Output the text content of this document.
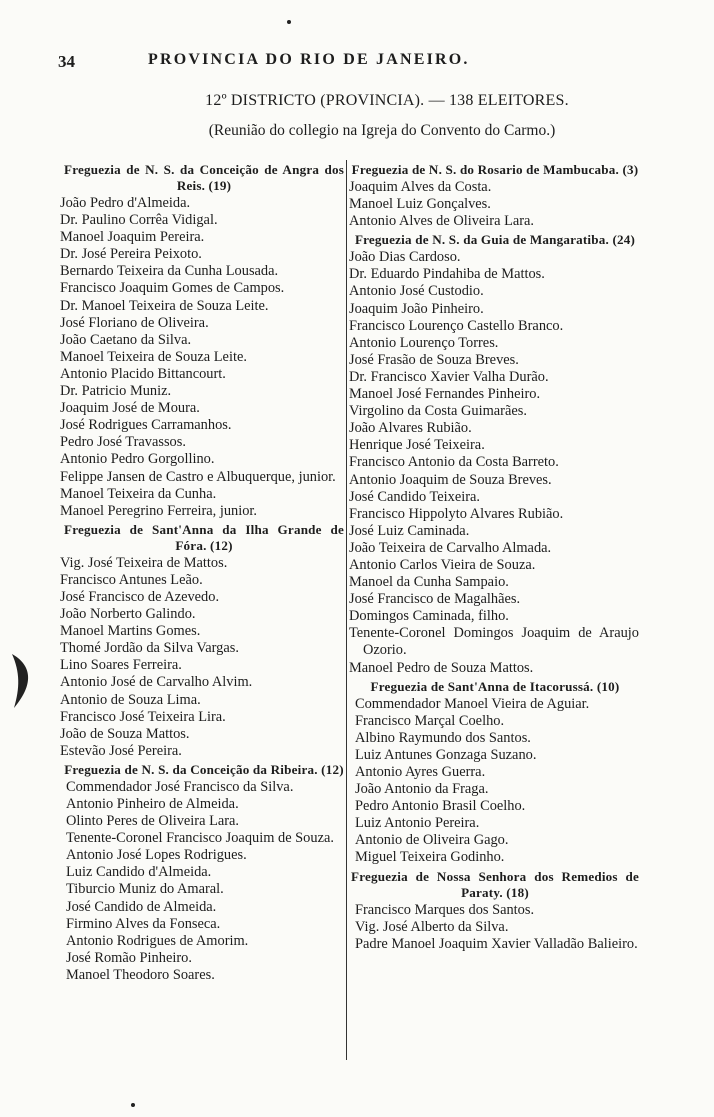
34	PROVINCIA DO RIO DE JANEIRO.
12º DISTRICTO (PROVINCIA). — 138 ELEITORES.
(Reunião do collegio na Igreja do Convento do Carmo.)
Freguezia de N. S. da Conceição de Angra dos Reis. (19)
João Pedro d'Almeida.
Dr. Paulino Corrêa Vidigal.
Manoel Joaquim Pereira.
Dr. José Pereira Peixoto.
Bernardo Teixeira da Cunha Lousada.
Francisco Joaquim Gomes de Campos.
Dr. Manoel Teixeira de Souza Leite.
José Floriano de Oliveira.
João Caetano da Silva.
Manoel Teixeira de Souza Leite.
Antonio Placido Bittancourt.
Dr. Patricio Muniz.
Joaquim José de Moura.
José Rodrigues Carramanhos.
Pedro José Travassos.
Antonio Pedro Gorgollino.
Felippe Jansen de Castro e Albuquerque, junior.
Manoel Teixeira da Cunha.
Manoel Peregrino Ferreira, junior.
Freguezia de Sant'Anna da Ilha Grande de Fóra. (12)
Vig. José Teixeira de Mattos.
Francisco Antunes Leão.
José Francisco de Azevedo.
João Norberto Galindo.
Manoel Martins Gomes.
Thomé Jordão da Silva Vargas.
Lino Soares Ferreira.
Antonio José de Carvalho Alvim.
Antonio de Souza Lima.
Francisco José Teixeira Lira.
João de Souza Mattos.
Estevão José Pereira.
Freguezia de N. S. da Conceição da Ribeira. (12)
Commendador José Francisco da Silva.
Antonio Pinheiro de Almeida.
Olinto Peres de Oliveira Lara.
Tenente-Coronel Francisco Joaquim de Souza.
Antonio José Lopes Rodrigues.
Luiz Candido d'Almeida.
Tiburcio Muniz do Amaral.
José Candido de Almeida.
Firmino Alves da Fonseca.
Antonio Rodrigues de Amorim.
José Romão Pinheiro.
Manoel Theodoro Soares.
Freguezia de N. S. do Rosario de Mambucaba. (3)
Joaquim Alves da Costa.
Manoel Luiz Gonçalves.
Antonio Alves de Oliveira Lara.
Freguezia de N. S. da Guia de Mangaratiba. (24)
João Dias Cardoso.
Dr. Eduardo Pindahiba de Mattos.
Antonio José Custodio.
Joaquim João Pinheiro.
Francisco Lourenço Castello Branco.
Antonio Lourenço Torres.
José Frasão de Souza Breves.
Dr. Francisco Xavier Valha Durão.
Manoel José Fernandes Pinheiro.
Virgolino da Costa Guimarães.
João Alvares Rubião.
Henrique José Teixeira.
Francisco Antonio da Costa Barreto.
Antonio Joaquim de Souza Breves.
José Candido Teixeira.
Francisco Hippolyto Alvares Rubião.
José Luiz Caminada.
João Teixeira de Carvalho Almada.
Antonio Carlos Vieira de Souza.
Manoel da Cunha Sampaio.
José Francisco de Magalhães.
Domingos Caminada, filho.
Tenente-Coronel Domingos Joaquim de Araujo Ozorio.
Manoel Pedro de Souza Mattos.
Freguezia de Sant'Anna de Itacorussá. (10)
Commendador Manoel Vieira de Aguiar.
Francisco Marçal Coelho.
Albino Raymundo dos Santos.
Luiz Antunes Gonzaga Suzano.
Antonio Ayres Guerra.
João Antonio da Fraga.
Pedro Antonio Brasil Coelho.
Luiz Antonio Pereira.
Antonio de Oliveira Gago.
Miguel Teixeira Godinho.
Freguezia de Nossa Senhora dos Remedios de Paraty. (18)
Francisco Marques dos Santos.
Vig. José Alberto da Silva.
Padre Manoel Joaquim Xavier Valladão Balieiro.
